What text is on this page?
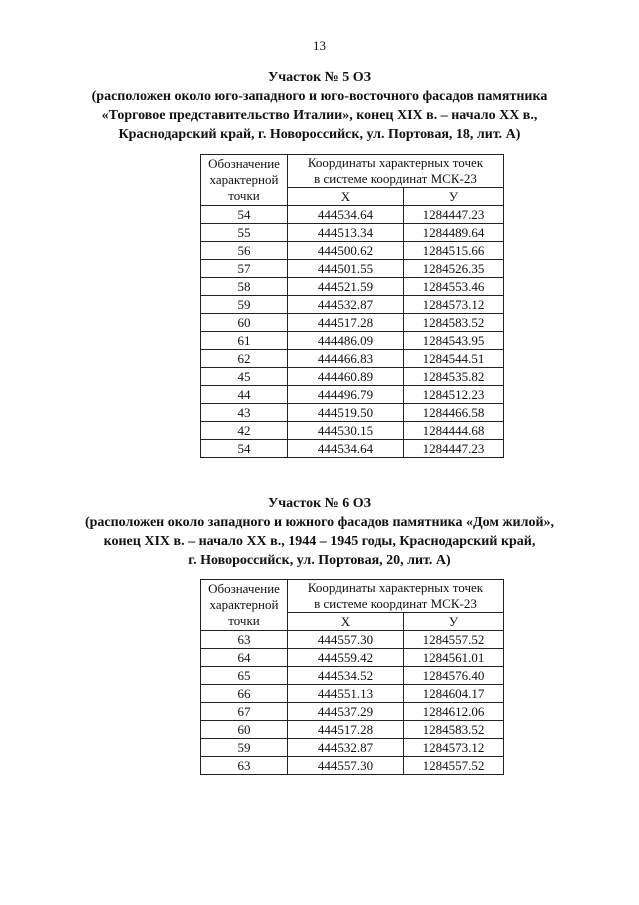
13
Участок № 5 ОЗ
(расположен около юго-западного и юго-восточного фасадов памятника
«Торговое представительство Италии», конец XIX в. – начало XX в.,
Краснодарский край, г. Новороссийск, ул. Портовая, 18, лит. А)
Обозначение
характерной
точки	Координаты характерных точек
в системе координат МСК-23	
	X	У
54	444534.64	1284447.23
55	444513.34	1284489.64
56	444500.62	1284515.66
57	444501.55	1284526.35
58	444521.59	1284553.46
59	444532.87	1284573.12
60	444517.28	1284583.52
61	444486.09	1284543.95
62	444466.83	1284544.51
45	444460.89	1284535.82
44	444496.79	1284512.23
43	444519.50	1284466.58
42	444530.15	1284444.68
54	444534.64	1284447.23
Участок № 6 ОЗ
(расположен около западного и южного фасадов памятника «Дом жилой»,
конец XIX в. – начало XX в., 1944 – 1945 годы, Краснодарский край,
г. Новороссийск, ул. Портовая, 20, лит. А)
Обозначение
характерной
точки	Координаты характерных точек
в системе координат МСК-23	
	X	У
63	444557.30	1284557.52
64	444559.42	1284561.01
65	444534.52	1284576.40
66	444551.13	1284604.17
67	444537.29	1284612.06
60	444517.28	1284583.52
59	444532.87	1284573.12
63	444557.30	1284557.52
